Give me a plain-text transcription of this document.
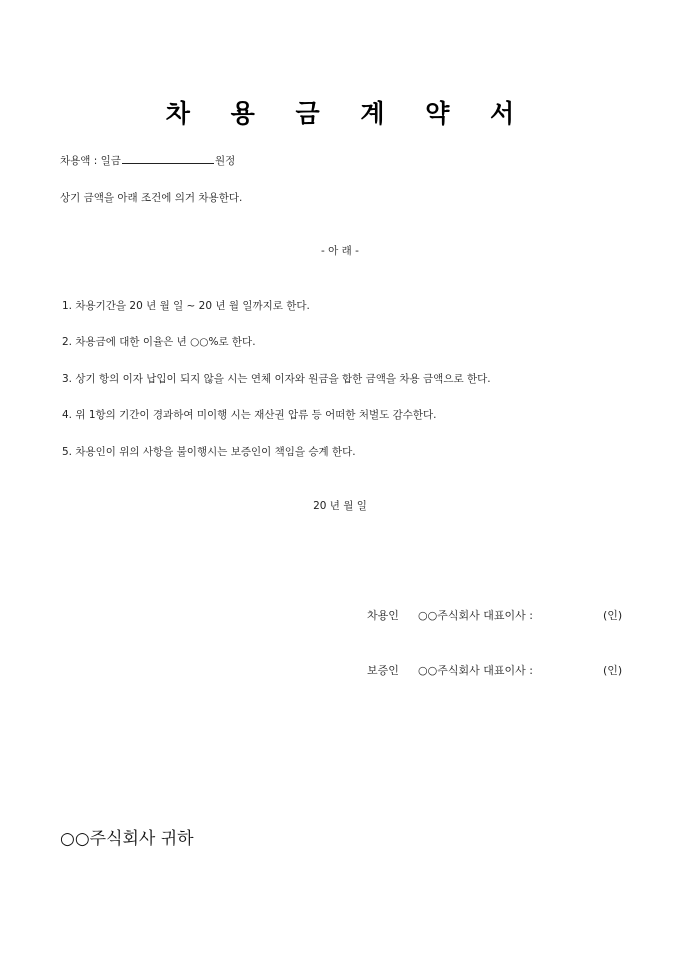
차 용 금 계 약 서
차용액 : 일금	원정
상기 금액을 아래 조건에 의거 차용한다.
- 아 래 -
1. 차용기간을 20 년 월 일 ~ 20 년 월 일까지로 한다.
2. 차용금에 대한 이율은 년 ○○%로 한다.
3. 상기 항의 이자 납입이 되지 않을 시는 연체 이자와 원금을 합한 금액을 차용 금액으로 한다.
4. 위 1항의 기간이 경과하여 미이행 시는 재산권 압류 등 어떠한 처벌도 감수한다.
5. 차용인이 위의 사항을 불이행시는 보증인이 책임을 승계 한다.
20 년 월 일
차용인 ○○주식회사 대표이사 :	(인)
보증인 ○○주식회사 대표이사 :	(인)
○○주식회사 귀하
